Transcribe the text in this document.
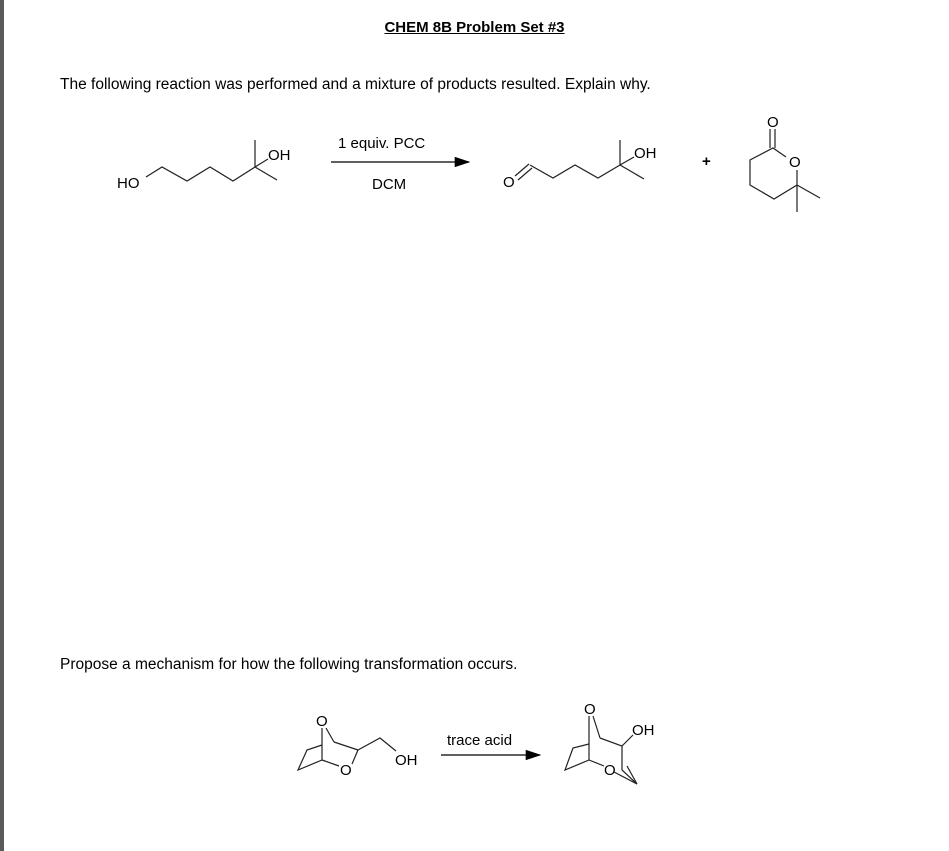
CHEM 8B Problem Set #3
The following reaction was performed and a mixture of products resulted. Explain why.
Propose a mechanism for how the following transformation occurs.
HO
OH
1 equiv. PCC
DCM	O
OH	+
O
O
O
O
OH
trace acid
O
O
OH
